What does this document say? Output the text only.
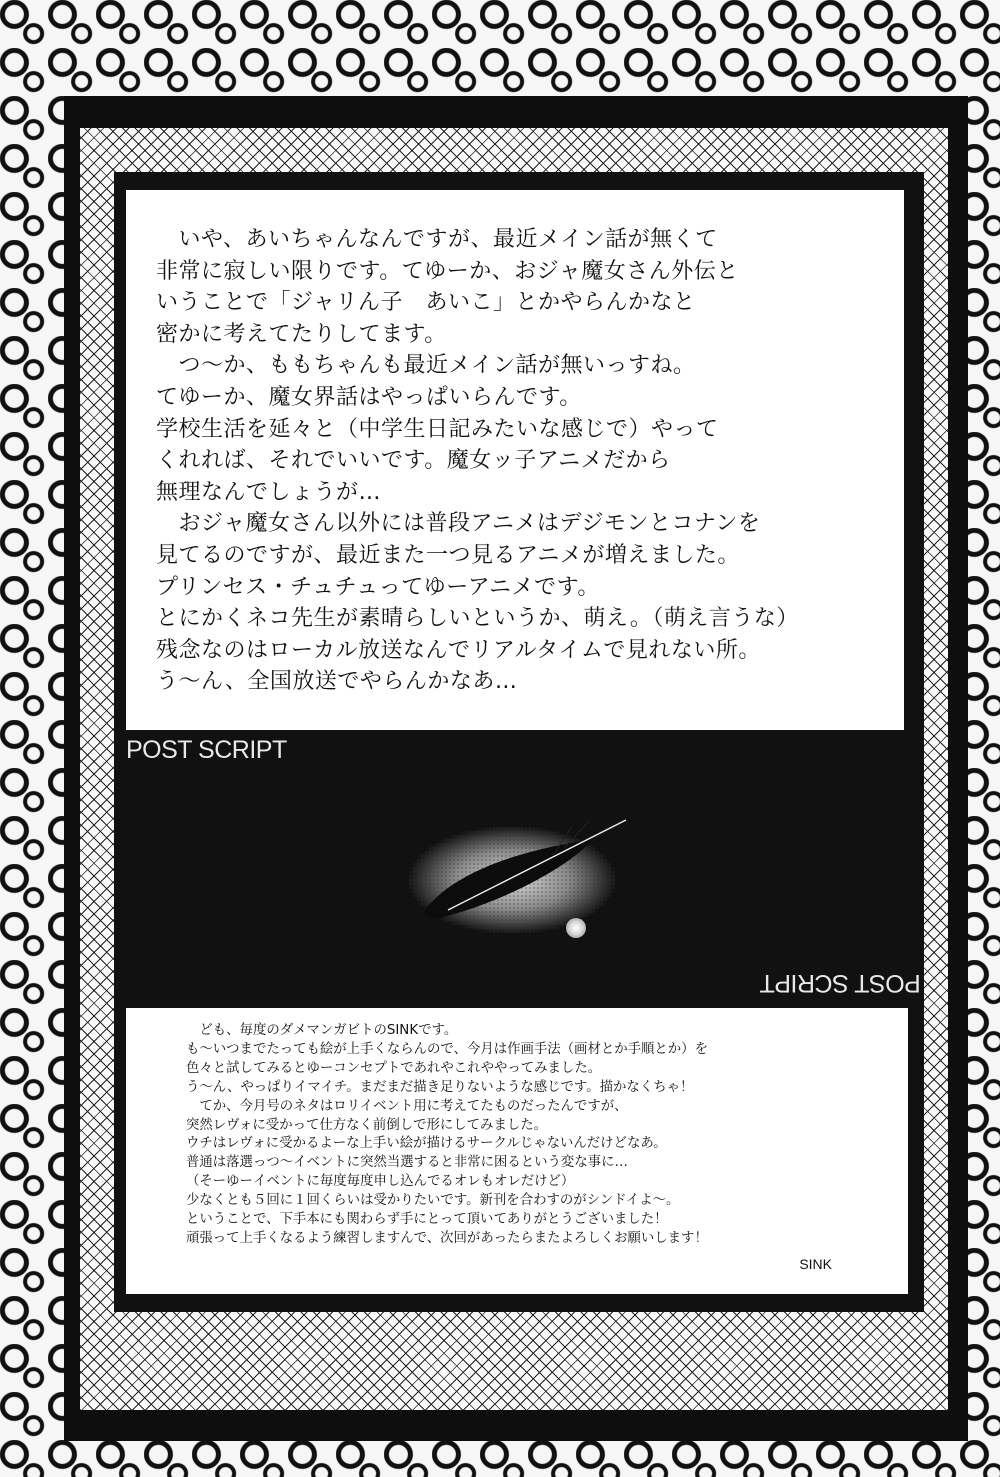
　いや、あいちゃんなんですが、最近メイン話が無くて
非常に寂しい限りです。てゆーか、おジャ魔女さん外伝と
いうことで「ジャリん子　あいこ」とかやらんかなと
密かに考えてたりしてます。
　つ～か、ももちゃんも最近メイン話が無いっすね。
てゆーか、魔女界話はやっぱいらんです。
学校生活を延々と（中学生日記みたいな感じで）やって
くれれば、それでいいです。魔女ッ子アニメだから
無理なんでしょうが…
　おジャ魔女さん以外には普段アニメはデジモンとコナンを
見てるのですが、最近また一つ見るアニメが増えました。
プリンセス・チュチュってゆーアニメです。
とにかくネコ先生が素晴らしいというか、萌え。（萌え言うな）
残念なのはローカル放送なんでリアルタイムで見れない所。
う～ん、全国放送でやらんかなあ…
POST SCRIPT
POST SCRIPT
　ども、毎度のダメマンガビトのSINKです。
も～いつまでたっても絵が上手くならんので、今月は作画手法（画材とか手順とか）を
色々と試してみるとゆーコンセプトであれやこれややってみました。
う～ん、やっぱりイマイチ。まだまだ描き足りないような感じです。描かなくちゃ！
　てか、今月号のネタはロリイベント用に考えてたものだったんですが、
突然レヴォに受かって仕方なく前倒しで形にしてみました。
ウチはレヴォに受かるよーな上手い絵が描けるサークルじゃないんだけどなあ。
普通は落選っつ～イベントに突然当選すると非常に困るという変な事に…
（そーゆーイベントに毎度毎度申し込んでるオレもオレだけど）
少なくとも５回に１回くらいは受かりたいです。新刊を合わすのがシンドイよ～。
ということで、下手本にも関わらず手にとって頂いてありがとうございました！
頑張って上手くなるよう練習しますんで、次回があったらまたよろしくお願いします！
SINK
